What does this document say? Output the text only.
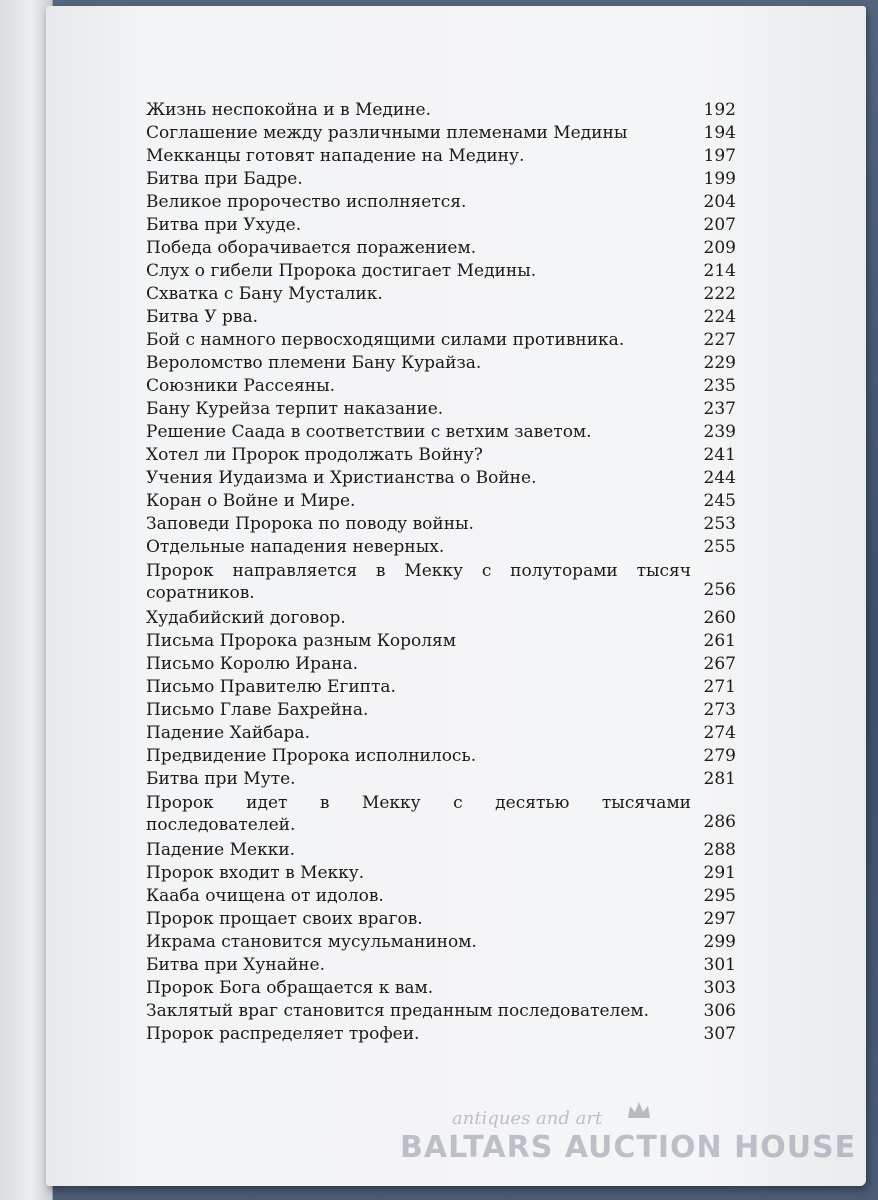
Жизнь неспокойна и в Медине.	192
Соглашение между различными племенами Медины	194
Мекканцы готовят нападение на Медину.	197
Битва при Бадре.	199
Великое пророчество исполняется.	204
Битва при Ухуде.	207
Победа оборачивается поражением.	209
Слух о гибели Пророка достигает Медины.	214
Схватка с Бану Мусталик.	222
Битва У рва.	224
Бой с намного первосходящими силами противника.	227
Вероломство племени Бану Курайза.	229
Союзники Рассеяны.	235
Бану Курейза терпит наказание.	237
Решение Саада в соответствии с ветхим заветом.	239
Хотел ли Пророк продолжать Войну?	241
Учения Иудаизма и Христианства о Войне.	244
Коран о Войне и Мире.	245
Заповеди Пророка по поводу войны.	253
Отдельные нападения неверных.	255
Пророк направляется в Мекку с полуторами тысяч
соратников.	256
Худабийский договор.	260
Письма Пророка разным Королям	261
Письмо Королю Ирана.	267
Письмо Правителю Египта.	271
Письмо Главе Бахрейна.	273
Падение Хайбара.	274
Предвидение Пророка исполнилось.	279
Битва при Муте.	281
Пророк идет в Мекку с десятью тысячами
последователей.	286
Падение Мекки.	288
Пророк входит в Мекку.	291
Кааба очищена от идолов.	295
Пророк прощает своих врагов.	297
Икрама становится мусульманином.	299
Битва при Хунайне.	301
Пророк Бога обращается к вам.	303
Заклятый враг становится преданным последователем.	306
Пророк распределяет трофеи.	307
antiques and art
BALTARS AUCTION HOUSE
